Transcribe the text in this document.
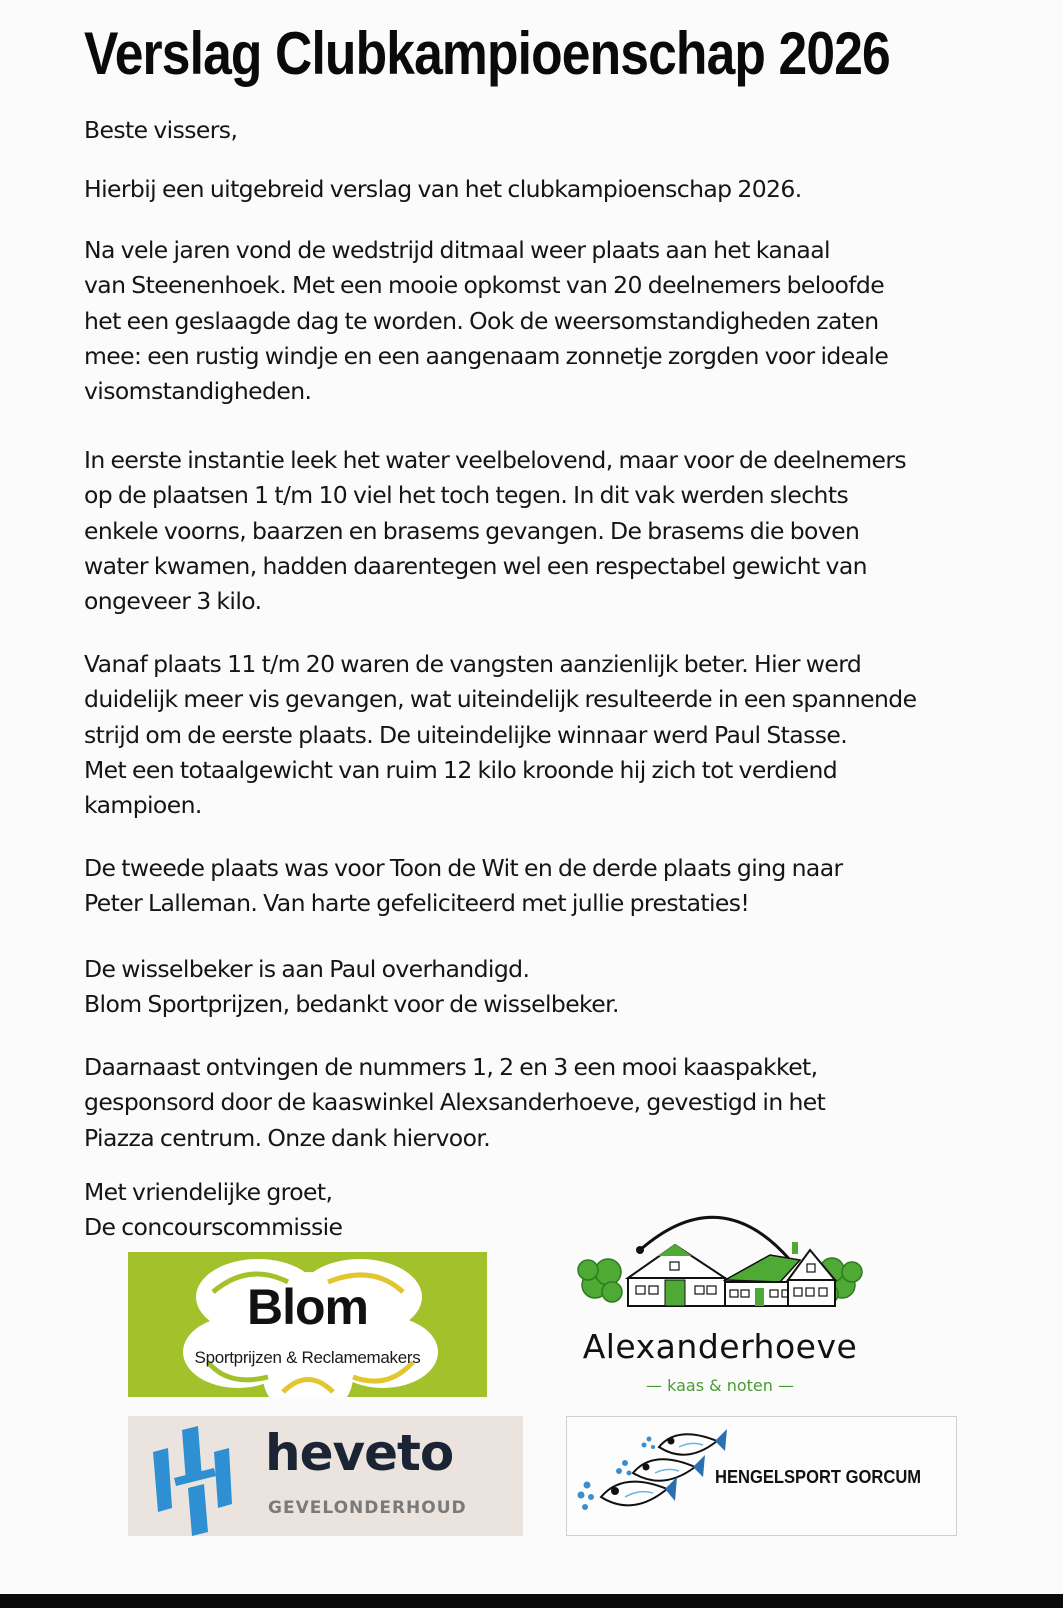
Verslag Clubkampioenschap 2026

Beste vissers,

Hierbij een uitgebreid verslag van het clubkampioenschap 2026.

Na vele jaren vond de wedstrijd ditmaal weer plaats aan het kanaal
van Steenenhoek. Met een mooie opkomst van 20 deelnemers beloofde
het een geslaagde dag te worden. Ook de weersomstandigheden zaten
mee: een rustig windje en een aangenaam zonnetje zorgden voor ideale
visomstandigheden.
In eerste instantie leek het water veelbelovend, maar voor de deelnemers
op de plaatsen 1 t/m 10 viel het toch tegen. In dit vak werden slechts
enkele voorns, baarzen en brasems gevangen. De brasems die boven
water kwamen, hadden daarentegen wel een respectabel gewicht van
ongeveer 3 kilo.
Vanaf plaats 11 t/m 20 waren de vangsten aanzienlijk beter. Hier werd
duidelijk meer vis gevangen, wat uiteindelijk resulteerde in een spannende
strijd om de eerste plaats. De uiteindelijke winnaar werd Paul Stasse.
Met een totaalgewicht van ruim 12 kilo kroonde hij zich tot verdiend
kampioen.
De tweede plaats was voor Toon de Wit en de derde plaats ging naar
Peter Lalleman. Van harte gefeliciteerd met jullie prestaties!
De wisselbeker is aan Paul overhandigd.
Blom Sportprijzen, bedankt voor de wisselbeker.
Daarnaast ontvingen de nummers 1, 2 en 3 een mooi kaaspakket,
gesponsord door de kaaswinkel Alexsanderhoeve, gevestigd in het
Piazza centrum. Onze dank hiervoor.
Met vriendelijke groet,
De concourscommissie
Blom
Sportprijzen & Reclamemakers	Alexanderhoeve
— kaas & noten —
heveto
GEVELONDERHOUD
HENGELSPORT GORCUM
